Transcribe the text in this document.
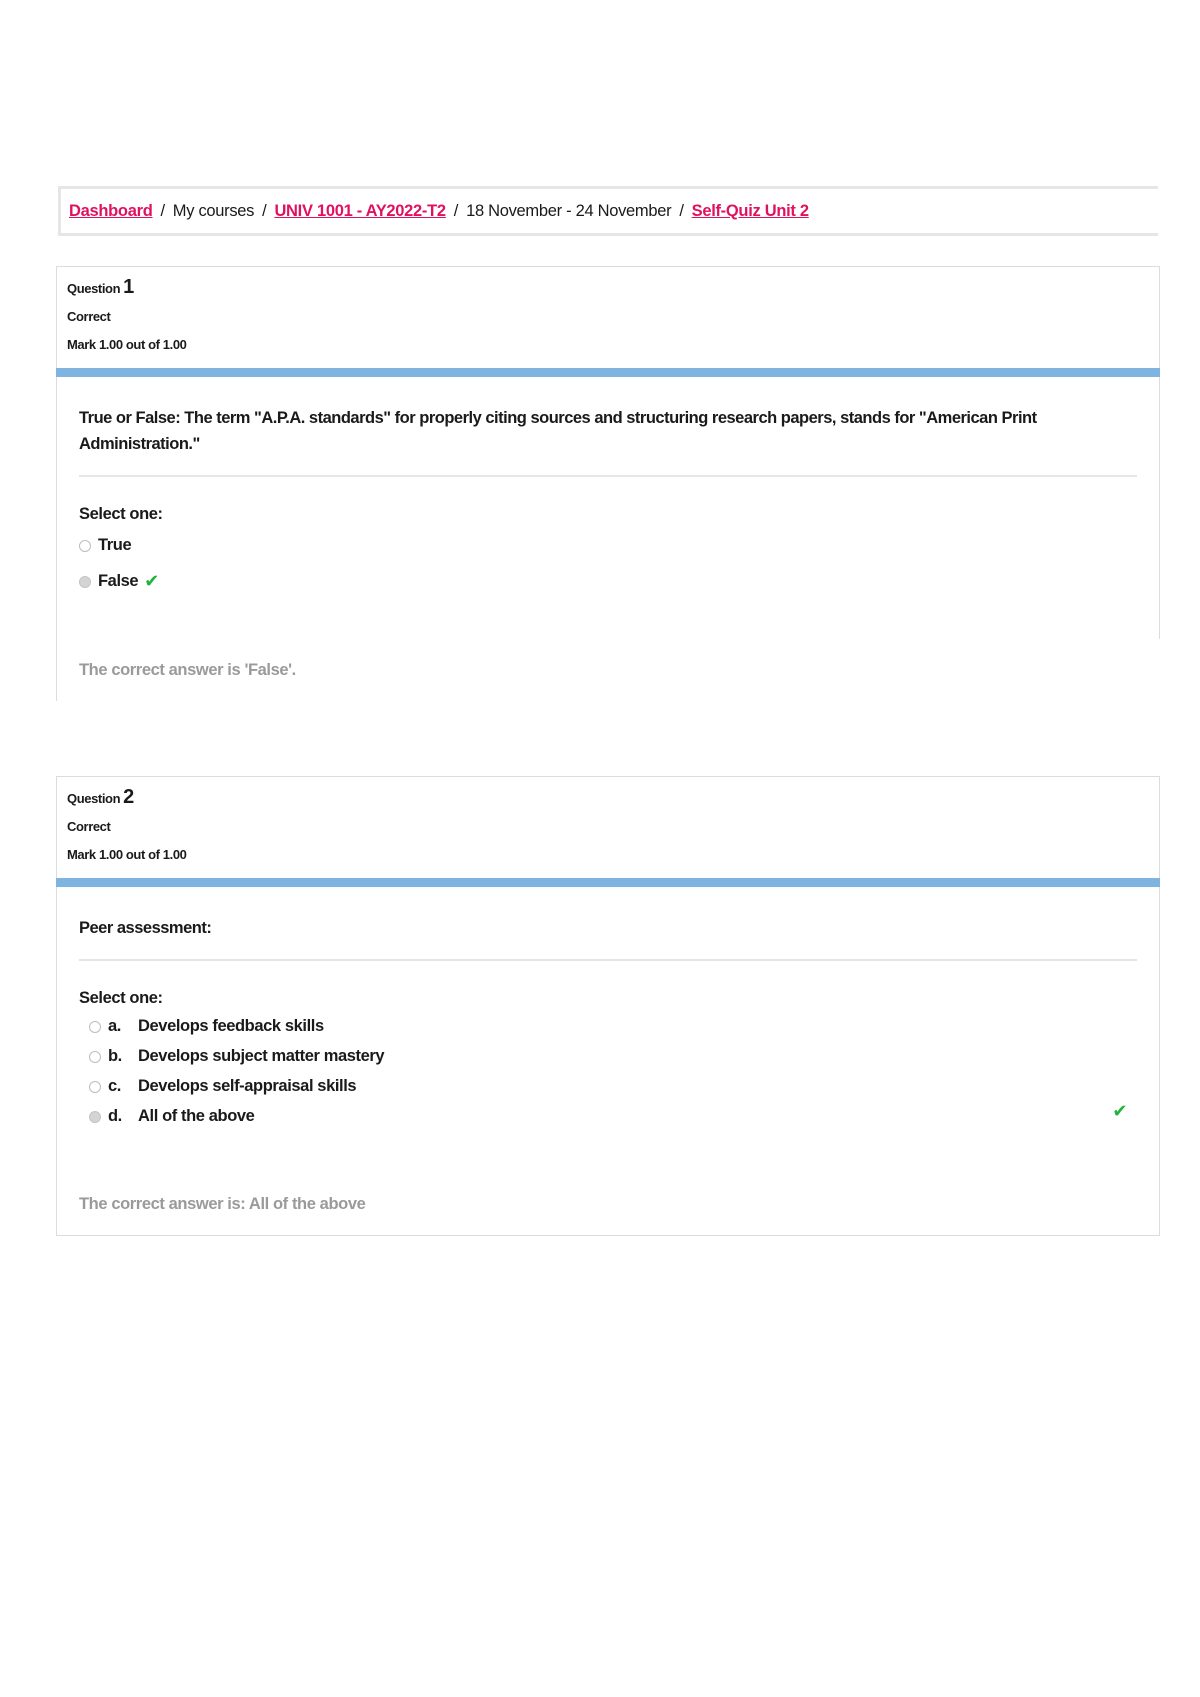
Dashboard / My courses / UNIV 1001 - AY2022-T2 / 18 November - 24 November / Self-Quiz Unit 2
Question 1
Correct
Mark 1.00 out of 1.00
True or False: The term "A.P.A. standards" for properly citing sources and structuring research papers, stands for "American Print Administration."
Select one:
True
False ✔
The correct answer is 'False'.
Question 2
Correct
Mark 1.00 out of 1.00
Peer assessment:
Select one:
a.	Develops feedback skills
b. Develops subject matter mastery
c.	Develops self-appraisal skills
d. All of the above	✔
The correct answer is: All of the above
